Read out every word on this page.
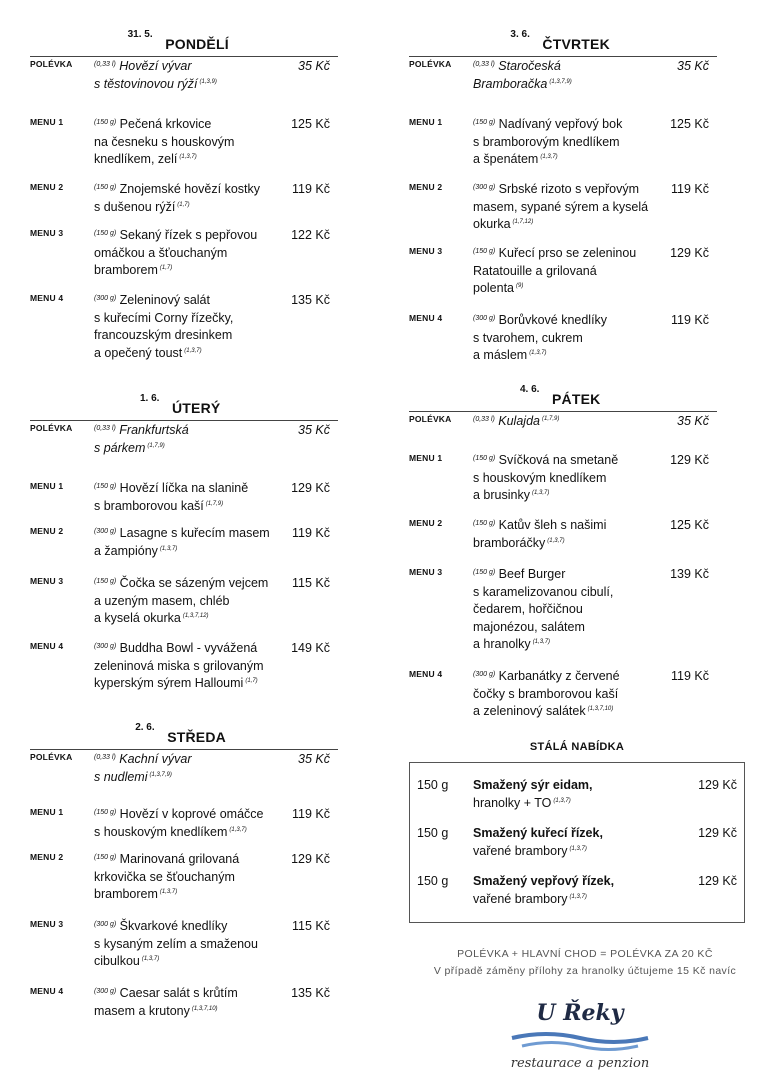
31. 5.
PONDĚLÍ
POLÉVKA	$^{(0,33 l)}$ Hovězí vývar
s těstovinovou rýží $^{(1,3,9)}$
35 Kč
MENU 1	$^{(150 g)}$ Pečená krkovice
na česneku s houskovým
knedlíkem, zelí $^{(1,3,7)}$
125 Kč
MENU 2	$^{(150 g)}$ Znojemské hovězí kostky
s dušenou rýží $^{(1,7)}$
119 Kč
MENU 3	$^{(150 g)}$ Sekaný řízek s pepřovou
omáčkou a šťouchaným
bramborem $^{(1,7)}$
122 Kč
MENU 4	$^{(300 g)}$ Zeleninový salát
s kuřecími Corny řízečky,
francouzským dresinkem
a opečený toust $^{(1,3,7)}$
135 Kč
1. 6.
ÚTERÝ
POLÉVKA	$^{(0,33 l)}$ Frankfurtská
s párkem $^{(1,7,9)}$
35 Kč
MENU 1	$^{(150 g)}$ Hovězí líčka na slanině
s bramborovou kaší $^{(1,7,9)}$
129 Kč
MENU 2	$^{(300 g)}$ Lasagne s kuřecím masem
a žampióny $^{(1,3,7)}$
119 Kč
MENU 3	$^{(150 g)}$ Čočka se sázeným vejcem
a uzeným masem, chléb
a kyselá okurka $^{(1,3,7,12)}$
115 Kč
MENU 4	$^{(300 g)}$ Buddha Bowl - vyvážená
zeleninová miska s grilovaným
kyperským sýrem Halloumi $^{(1,7)}$
149 Kč
2. 6.
STŘEDA
POLÉVKA	$^{(0,33 l)}$ Kachní vývar
s nudlemi $^{(1,3,7,9)}$
35 Kč
MENU 1	$^{(150 g)}$ Hovězí v koprové omáčce
s houskovým knedlíkem $^{(1,3,7)}$
119 Kč
MENU 2	$^{(150 g)}$ Marinovaná grilovaná
krkovička se šťouchaným
bramborem $^{(1,3,7)}$
129 Kč
MENU 3	$^{(300 g)}$ Škvarkové knedlíky
s kysaným zelím a smaženou
cibulkou $^{(1,3,7)}$
115 Kč
MENU 4	$^{(300 g)}$ Caesar salát s krůtím
masem a krutony $^{(1,3,7,10)}$
135 Kč
3. 6.
ČTVRTEK
POLÉVKA	$^{(0,33 l)}$ Staročeská
Bramboračka $^{(1,3,7,9)}$
35 Kč
MENU 1	$^{(150 g)}$ Nadívaný vepřový bok
s bramborovým knedlíkem
a špenátem $^{(1,3,7)}$
125 Kč
MENU 2	$^{(300 g)}$ Srbské rizoto s vepřovým
masem, sypané sýrem a kyselá
okurka $^{(1,7,12)}$
119 Kč
MENU 3	$^{(150 g)}$ Kuřecí prso se zeleninou
Ratatouille a grilovaná
polenta $^{(9)}$
129 Kč
MENU 4	$^{(300 g)}$ Borůvkové knedlíky
s tvarohem, cukrem
a máslem $^{(1,3,7)}$
119 Kč
4. 6.
PÁTEK
POLÉVKA	$^{(0,33 l)}$ Kulajda $^{(1,7,9)}$	35 Kč
MENU 1	$^{(150 g)}$ Svíčková na smetaně
s houskovým knedlíkem
a brusinky $^{(1,3,7)}$
129 Kč
MENU 2	$^{(150 g)}$ Katův šleh s našimi
bramboráčky $^{(1,3,7)}$
125 Kč
MENU 3	$^{(150 g)}$ Beef Burger
s karamelizovanou cibulí,
čedarem, hořčičnou
majonézou, salátem
a hranolky $^{(1,3,7)}$
139 Kč
MENU 4	$^{(300 g)}$ Karbanátky z červené
čočky s bramborovou kaší
a zeleninový salátek $^{(1,3,7,10)}$
119 Kč
STÁLÁ NABÍDKA
150 g Smažený sýr eidam,
hranolky + TO $^{(1,3,7)}$
129 Kč
150 g Smažený kuřecí řízek,
vařené brambory $^{(1,3,7)}$
129 Kč
150 g Smažený vepřový řízek,
vařené brambory $^{(1,3,7)}$
129 Kč
POLÉVKA + HLAVNÍ CHOD = POLÉVKA ZA 20 KČ
V případě záměny přílohy za hranolky účtujeme 15 Kč navíc
U Řeky
restaurace a penzion
